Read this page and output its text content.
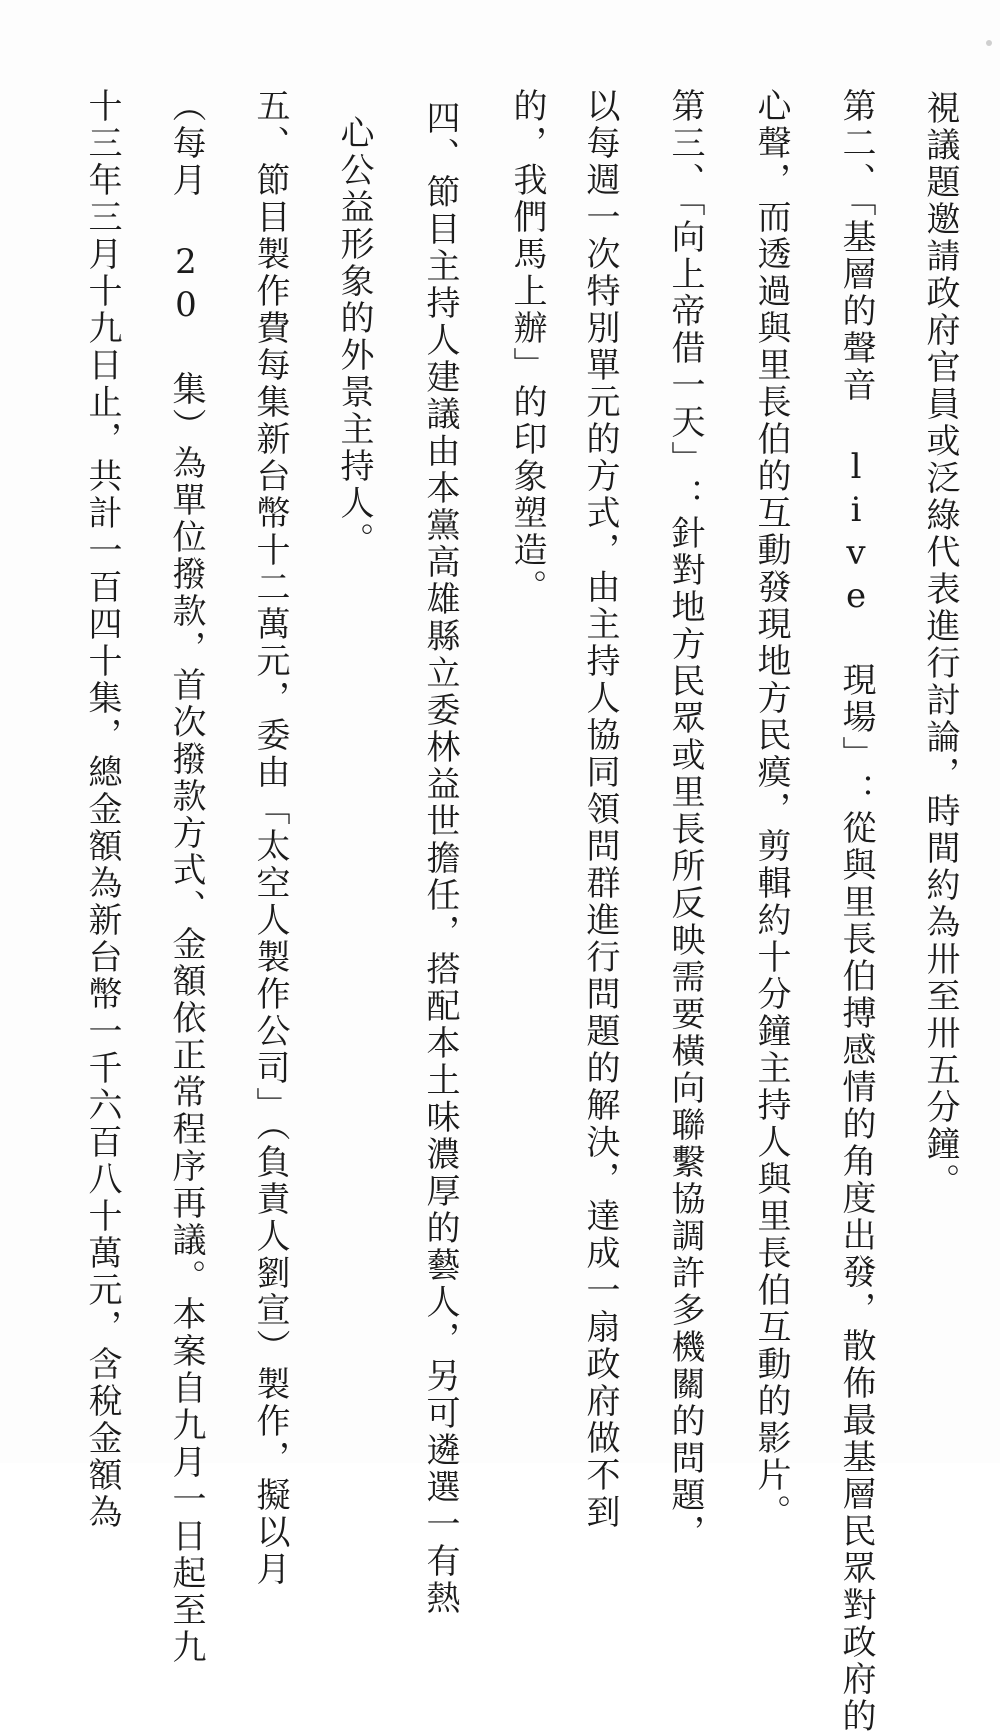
視議題邀請政府官員或泛綠代表進行討論，時間約為卅至卅五分鐘。
第二、「基層的聲音 live 現場」：從與里長伯搏感情的角度出發，散佈最基層民眾對政府的
心聲，而透過與里長伯的互動發現地方民瘼，剪輯約十分鐘主持人與里長伯互動的影片。
第三、「向上帝借一天」：針對地方民眾或里長所反映需要橫向聯繫協調許多機關的問題，
以每週一次特別單元的方式，由主持人協同領問群進行問題的解決，達成一扇政府做不到
的，我們馬上辦」的印象塑造。
四、節目主持人建議由本黨高雄縣立委林益世擔任，搭配本土味濃厚的藝人，另可遴選一有熱
心公益形象的外景主持人。
五、節目製作費每集新台幣十二萬元，委由「太空人製作公司」（負責人劉宣）製作，擬以月
（每月 20 集）為單位撥款，首次撥款方式、金額依正常程序再議。本案自九月一日起至九
十三年三月十九日止，共計一百四十集，總金額為新台幣一千六百八十萬元，含稅金額為
